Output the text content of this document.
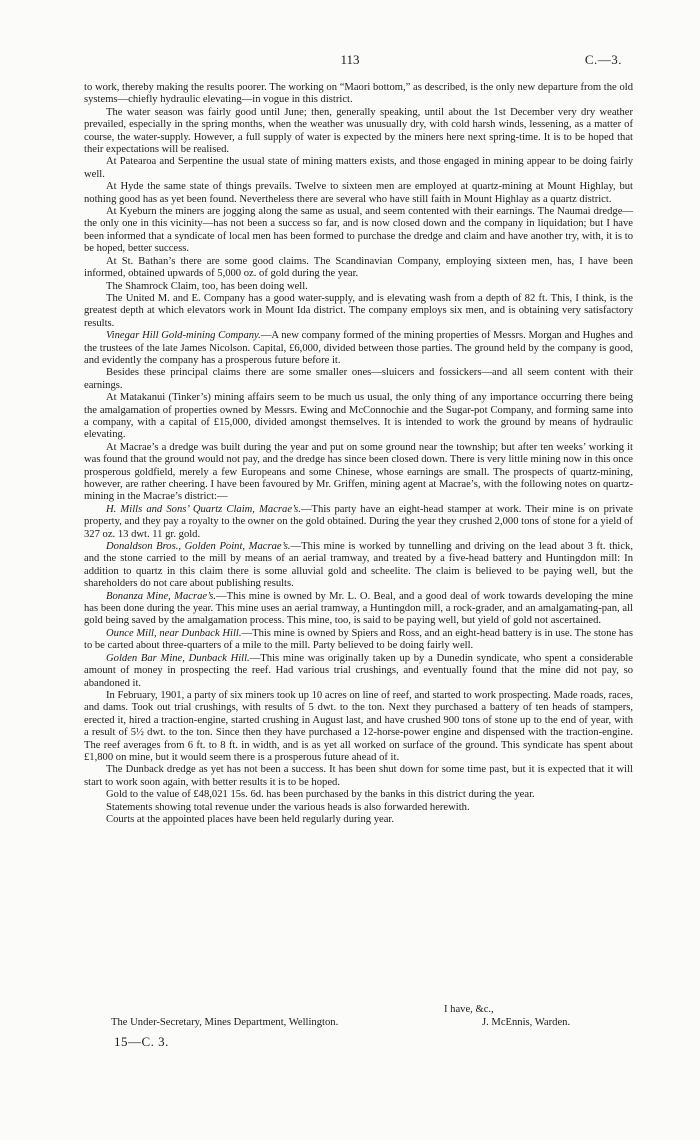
113	C.—3.

to work, thereby making the results poorer. The working on “Maori bottom,” as described, is the only new departure from the old systems—chiefly hydraulic elevating—in vogue in this district.

The water season was fairly good until June; then, generally speaking, until about the 1st December very dry weather prevailed, especially in the spring months, when the weather was unusually dry, with cold harsh winds, lessening, as a matter of course, the water-supply. However, a full supply of water is expected by the miners here next spring-time. It is to be hoped that their expectations will be realised.

At Patearoa and Serpentine the usual state of mining matters exists, and those engaged in mining appear to be doing fairly well.

At Hyde the same state of things prevails. Twelve to sixteen men are employed at quartz-mining at Mount Highlay, but nothing good has as yet been found. Nevertheless there are several who have still faith in Mount Highlay as a quartz district.

At Kyeburn the miners are jogging along the same as usual, and seem contented with their earnings. The Naumai dredge—the only one in this vicinity—has not been a success so far, and is now closed down and the company in liquidation; but I have been informed that a syndicate of local men has been formed to purchase the dredge and claim and have another try, with, it is to be hoped, better success.

At St. Bathan’s there are some good claims. The Scandinavian Company, employing sixteen men, has, I have been informed, obtained upwards of 5,000 oz. of gold during the year.

The Shamrock Claim, too, has been doing well.

The United M. and E. Company has a good water-supply, and is elevating wash from a depth of 82 ft. This, I think, is the greatest depth at which elevators work in Mount Ida district. The company employs six men, and is obtaining very satisfactory results.

Vinegar Hill Gold-mining Company.—A new company formed of the mining properties of Messrs. Morgan and Hughes and the trustees of the late James Nicolson. Capital, £6,000, divided between those parties. The ground held by the company is good, and evidently the company has a prosperous future before it.

Besides these principal claims there are some smaller ones—sluicers and fossickers—and all seem content with their earnings.

At Matakanui (Tinker’s) mining affairs seem to be much us usual, the only thing of any importance occurring there being the amalgamation of properties owned by Messrs. Ewing and McConnochie and the Sugar-pot Company, and forming same into a company, with a capital of £15,000, divided amongst themselves. It is intended to work the ground by means of hydraulic elevating.

At Macrae’s a dredge was built during the year and put on some ground near the township; but after ten weeks’ working it was found that the ground would not pay, and the dredge has since been closed down. There is very little mining now in this once prosperous goldfield, merely a few Europeans and some Chinese, whose earnings are small. The prospects of quartz-mining, however, are rather cheering. I have been favoured by Mr. Griffen, mining agent at Macrae’s, with the following notes on quartz-mining in the Macrae’s district:—

H. Mills and Sons’ Quartz Claim, Macrae’s.—This party have an eight-head stamper at work. Their mine is on private property, and they pay a royalty to the owner on the gold obtained. During the year they crushed 2,000 tons of stone for a yield of 327 oz. 13 dwt. 11 gr. gold.

Donaldson Bros., Golden Point, Macrae’s.—This mine is worked by tunnelling and driving on the lead about 3 ft. thick, and the stone carried to the mill by means of an aerial tramway, and treated by a five-head battery and Huntingdon mill: In addition to quartz in this claim there is some alluvial gold and scheelite. The claim is believed to be paying well, but the shareholders do not care about publishing results.

Bonanza Mine, Macrae’s.—This mine is owned by Mr. L. O. Beal, and a good deal of work towards developing the mine has been done during the year. This mine uses an aerial tramway, a Huntingdon mill, a rock-grader, and an amalgamating-pan, all gold being saved by the amalgamation process. This mine, too, is said to be paying well, but yield of gold not ascertained.

Ounce Mill, near Dunback Hill.—This mine is owned by Spiers and Ross, and an eight-head battery is in use. The stone has to be carted about three-quarters of a mile to the mill. Party believed to be doing fairly well.

Golden Bar Mine, Dunback Hill.—This mine was originally taken up by a Dunedin syndicate, who spent a considerable amount of money in prospecting the reef. Had various trial crushings, and eventually found that the mine did not pay, so abandoned it.

In February, 1901, a party of six miners took up 10 acres on line of reef, and started to work prospecting. Made roads, races, and dams. Took out trial crushings, with results of 5 dwt. to the ton. Next they purchased a battery of ten heads of stampers, erected it, hired a traction-engine, started crushing in August last, and have crushed 900 tons of stone up to the end of year, with a result of 5½ dwt. to the ton. Since then they have purchased a 12-horse-power engine and dispensed with the traction-engine. The reef averages from 6 ft. to 8 ft. in width, and is as yet all worked on surface of the ground. This syndicate has spent about £1,800 on mine, but it would seem there is a prosperous future ahead of it.

The Dunback dredge as yet has not been a success. It has been shut down for some time past, but it is expected that it will start to work soon again, with better results it is to be hoped.

Gold to the value of £48,021 15s. 6d. has been purchased by the banks in this district during the year.

Statements showing total revenue under the various heads is also forwarded herewith.

Courts at the appointed places have been held regularly during year.

I have, &c.,
The Under-Secretary, Mines Department, Wellington.	J. McEnnis, Warden.
15—C. 3.
